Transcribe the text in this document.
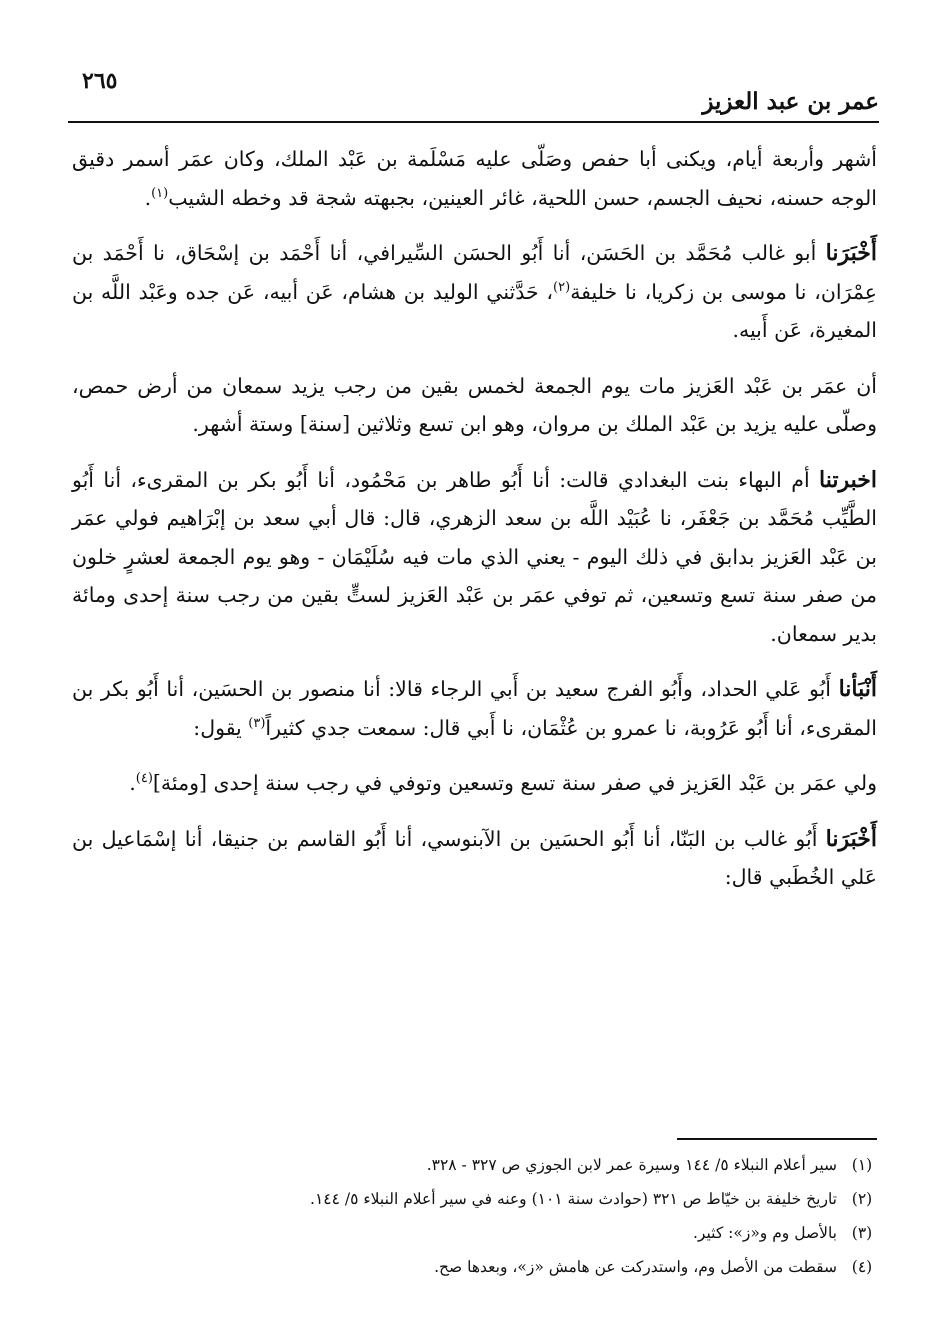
٢٦٥
عمر بن عبد العزيز

أشهر وأربعة أيام، ويكنى أبا حفص وصَلّى عليه مَسْلَمة بن عَبْد الملك، وكان عمَر أسمر دقيق الوجه حسنه، نحيف الجسم، حسن اللحية، غائر العينين، بجبهته شجة قد وخطه الشيب$^{(١)}$.

أَخْبَرَنا أبو غالب مُحَمَّد بن الحَسَن، أنا أَبُو الحسَن السِّيرافي، أنا أَحْمَد بن إسْحَاق، نا أَحْمَد بن عِمْرَان، نا موسى بن زكريا، نا خليفة$^{(٢)}$، حَدَّثني الوليد بن هشام، عَن أبيه، عَن جده وعَبْد اللَّه بن المغيرة، عَن أَبيه.

أن عمَر بن عَبْد العَزيز مات يوم الجمعة لخمس بقين من رجب يزيد سمعان من أرض حمص، وصلّى عليه يزيد بن عَبْد الملك بن مروان، وهو ابن تسع وثلاثين [سنة] وستة أشهر.

اخبرتنا أم البهاء بنت البغدادي قالت: أنا أَبُو طاهر بن مَحْمُود، أنا أَبُو بكر بن المقرىء، أنا أَبُو الطَّيِّب مُحَمَّد بن جَعْفَر، نا عُبَيْد اللَّه بن سعد الزهري، قال: قال أبي سعد بن إبْرَاهيم فولي عمَر بن عَبْد العَزيز بدابق في ذلك اليوم - يعني الذي مات فيه سُلَيْمَان - وهو يوم الجمعة لعشرٍ خلون من صفر سنة تسع وتسعين، ثم توفي عمَر بن عَبْد العَزيز لستٍّ بقين من رجب سنة إحدى ومائة بدير سمعان.

أَنْبَأنا أَبُو عَلي الحداد، وأَبُو الفرج سعيد بن أَبي الرجاء قالا: أنا منصور بن الحسَين، أنا أَبُو بكر بن المقرىء، أنا أَبُو عَرُوبة، نا عمرو بن عُثْمَان، نا أَبي قال: سمعت جدي كثيراً$^{(٣)}$ يقول:

ولي عمَر بن عَبْد العَزيز في صفر سنة تسع وتسعين وتوفي في رجب سنة إحدى [ومئة]$^{(٤)}$.

أَخْبَرَنا أَبُو غالب بن البَنّا، أنا أَبُو الحسَين بن الآبنوسي، أنا أَبُو القاسم بن جنيقا، أنا إسْمَاعيل بن عَلي الخُطَبي قال:

(١)
سير أعلام النبلاء ٥/ ١٤٤ وسيرة عمر لابن الجوزي ص ٣٢٧ - ٣٢٨.
(٢)
تاريخ خليفة بن خيّاط ص ٣٢١ (حوادث سنة ١٠١) وعنه في سير أعلام النبلاء ٥/ ١٤٤.
(٣)
بالأصل وم و«ز»: كثير.
(٤)
سقطت من الأصل وم، واستدركت عن هامش «ز»، وبعدها صح.
